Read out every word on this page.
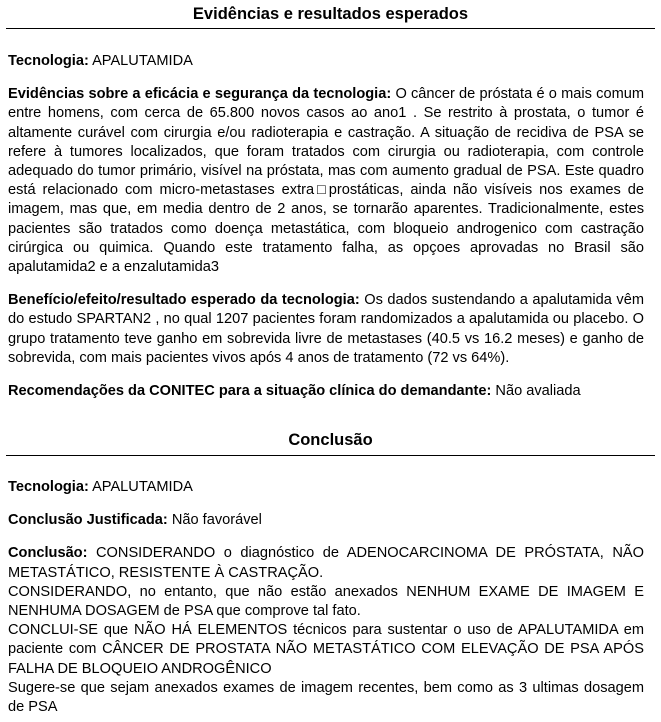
Evidências e resultados esperados

Tecnologia: APALUTAMIDA

Evidências sobre a eficácia e segurança da tecnologia: O câncer de próstata é o mais comum entre homens, com cerca de 65.800 novos casos ao ano1 . Se restrito à prostata, o tumor é altamente curável com cirurgia e/ou radioterapia e castração. A situação de recidiva de PSA se refere à tumores localizados, que foram tratados com cirurgia ou radioterapia, com controle adequado do tumor primário, visível na próstata, mas com aumento gradual de PSA. Este quadro está relacionado com micro-metastases extra□prostáticas, ainda não visíveis nos exames de imagem, mas que, em media dentro de 2 anos, se tornarão aparentes. Tradicionalmente, estes pacientes são tratados como doença metastática, com bloqueio androgenico com castração cirúrgica ou quimica. Quando este tratamento falha, as opçoes aprovadas no Brasil são apalutamida2 e a enzalutamida3

Benefício/efeito/resultado esperado da tecnologia: Os dados sustendando a apalutamida vêm do estudo SPARTAN2 , no qual 1207 pacientes foram randomizados a apalutamida ou placebo. O grupo tratamento teve ganho em sobrevida livre de metastases (40.5 vs 16.2 meses) e ganho de sobrevida, com mais pacientes vivos após 4 anos de tratamento (72 vs 64%).

Recomendações da CONITEC para a situação clínica do demandante: Não avaliada

Conclusão

Tecnologia: APALUTAMIDA

Conclusão Justificada: Não favorável

Conclusão: CONSIDERANDO o diagnóstico de ADENOCARCINOMA DE PRÓSTATA, NÃO METASTÁTICO, RESISTENTE À CASTRAÇÃO.
CONSIDERANDO, no entanto, que não estão anexados NENHUM EXAME DE IMAGEM E NENHUMA DOSAGEM de PSA que comprove tal fato.
CONCLUI-SE que NÃO HÁ ELEMENTOS técnicos para sustentar o uso de APALUTAMIDA em paciente com CÂNCER DE PROSTATA NÃO METASTÁTICO COM ELEVAÇÃO DE PSA APÓS FALHA DE BLOQUEIO ANDROGÊNICO
Sugere-se que sejam anexados exames de imagem recentes, bem como as 3 ultimas dosagem de PSA
